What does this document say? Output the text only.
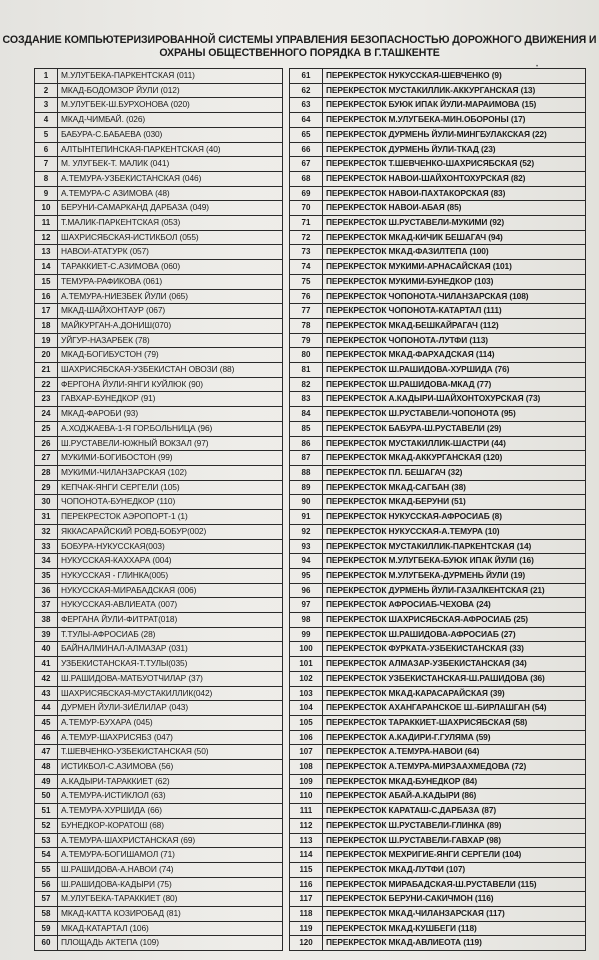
СОЗДАНИЕ КОМПЬЮТЕРИЗИРОВАННОЙ СИСТЕМЫ УПРАВЛЕНИЯ БЕЗОПАСНОСТЬЮ ДОРОЖНОГО ДВИЖЕНИЯ И
ОХРАНЫ ОБЩЕСТВЕННОГО ПОРЯДКА В Г.ТАШКЕНТЕ
•
1	М.УЛУГБЕКА-ПАРКЕНТСКАЯ (011)
2	МКАД-БОДОМЗОР ЙУЛИ (012)
3	М.УЛУГБЕК-Ш.БУРХОНОВА (020)
4	МКАД-ЧИМБАЙ. (026)
5	БАБУРА-С.БАБАЕВА (030)
6	АЛТЫНТЕПИНСКАЯ-ПАРКЕНТСКАЯ (40)
7	М. УЛУГБЕК-Т. МАЛИК (041)
8	А.ТЕМУРА-УЗБЕКИСТАНСКАЯ (046)
9	А.ТЕМУРА-С АЗИМОВА (48)
10	БЕРУНИ-САМАРКАНД ДАРБАЗА (049)
11	Т.МАЛИК-ПАРКЕНТСКАЯ (053)
12	ШАХРИСЯБСКАЯ-ИСТИКБОЛ (055)
13	НАВОИ-АТАТУРК (057)
14	ТАРАККИЕТ-С.АЗИМОВА (060)
15	ТЕМУРА-РАФИКОВА (061)
16	А.ТЕМУРА-НИЕЗБЕК ЙУЛИ (065)
17	МКАД-ШАЙХОНТАУР (067)
18	МАЙКУРГАН-А.ДОНИШ(070)
19	УЙГУР-НАЗАРБЕК (78)
20	МКАД-БОГИБУСТОН (79)
21	ШАХРИСЯБСКАЯ-УЗБЕКИСТАН ОВОЗИ (88)
22	ФЕРГОНА ЙУЛИ-ЯНГИ КУЙЛЮК (90)
23	ГАВХАР-БУНЕДКОР (91)
24	МКАД-ФАРОБИ (93)
25	А.ХОДЖАЕВА-1-Я ГОР.БОЛЬНИЦА (96)
26	Ш.РУСТАВЕЛИ-ЮЖНЫЙ ВОКЗАЛ (97)
27	МУКИМИ-БОГИБОСТОН (99)
28	МУКИМИ-ЧИЛАНЗАРСКАЯ (102)
29	КЕПЧАК-ЯНГИ СЕРГЕЛИ (105)
30	ЧОПОНОТА-БУНЕДКОР (110)
31	ПЕРЕКРЕСТОК АЭРОПОРТ-1 (1)
32	ЯККАСАРАЙСКИЙ РОВД-БОБУР(002)
33	БОБУРА-НУКУССКАЯ(003)
34	НУКУССКАЯ-КАХХАРА (004)
35	НУКУССКАЯ - ГЛИНКА(005)
36	НУКУССКАЯ-МИРАБАДСКАЯ (006)
37	НУКУССКАЯ-АВЛИЕАТА (007)
38	ФЕРГАНА ЙУЛИ-ФИТРАТ(018)
39	Т.ТУЛЫ-АФРОСИАБ (28)
40	БАЙНАЛМИНАЛ-АЛМАЗАР (031)
41	УЗБЕКИСТАНСКАЯ-Т.ТУЛЫ(035)
42	Ш.РАШИДОВА-МАТБУОТЧИЛАР (37)
43	ШАХРИСЯБСКАЯ-МУСТАКИЛЛИК(042)
44	ДУРМЕН ЙУЛИ-ЗИЁЛИЛАР (043)
45	А.ТЕМУР-БУХАРА (045)
46	А.ТЕМУР-ШАХРИСЯБЗ (047)
47	Т.ШЕВЧЕНКО-УЗБЕКИСТАНСКАЯ (50)
48	ИСТИКБОЛ-С.АЗИМОВА (56)
49	А.КАДЫРИ-ТАРАККИЕТ (62)
50	А.ТЕМУРА-ИСТИКЛОЛ (63)
51	А.ТЕМУРА-ХУРШИДА (66)
52	БУНЕДКОР-КОРАТОШ (68)
53	А.ТЕМУРА-ШАХРИСТАНСКАЯ (69)
54	А.ТЕМУРА-БОГИШАМОЛ (71)
55	Ш.РАШИДОВА-А.НАВОИ (74)
56	Ш.РАШИДОВА-КАДЫРИ (75)
57	М.УЛУГБЕКА-ТАРАККИЕТ (80)
58	МКАД-КАТТА КОЗИРОБАД (81)
59	МКАД-КАТАРТАЛ (106)
60	ПЛОЩАДЬ АКТЕПА (109)
61	ПЕРЕКРЕСТОК НУКУССКАЯ-ШЕВЧЕНКО (9)
62	ПЕРЕКРЕСТОК МУСТАКИЛЛИК-АККУРГАНСКАЯ (13)
63	ПЕРЕКРЕСТОК БУЮК ИПАК ЙУЛИ-МАРАИМОВА (15)
64	ПЕРЕКРЕСТОК М.УЛУГБЕКА-МИН.ОБОРОНЫ (17)
65	ПЕРЕКРЕСТОК ДУРМЕНЬ ЙУЛИ-МИНГБУЛАКСКАЯ (22)
66	ПЕРЕКРЕСТОК ДУРМЕНЬ ЙУЛИ-ТКАД (23)
67	ПЕРЕКРЕСТОК Т.ШЕВЧЕНКО-ШАХРИСЯБСКАЯ (52)
68	ПЕРЕКРЕСТОК НАВОИ-ШАЙХОНТОХУРСКАЯ (82)
69	ПЕРЕКРЕСТОК НАВОИ-ПАХТАКОРСКАЯ (83)
70	ПЕРЕКРЕСТОК НАВОИ-АБАЯ (85)
71	ПЕРЕКРЕСТОК Ш.РУСТАВЕЛИ-МУКИМИ (92)
72	ПЕРЕКРЕСТОК МКАД-КИЧИК БЕШАГАЧ (94)
73	ПЕРЕКРЕСТОК МКАД-ФАЗИЛТЕПА (100)
74	ПЕРЕКРЕСТОК МУКИМИ-АРНАСАЙСКАЯ (101)
75	ПЕРЕКРЕСТОК МУКИМИ-БУНЕДКОР (103)
76	ПЕРЕКРЕСТОК ЧОПОНОТА-ЧИЛАНЗАРСКАЯ (108)
77	ПЕРЕКРЕСТОК ЧОПОНОТА-КАТАРТАЛ (111)
78	ПЕРЕКРЕСТОК МКАД-БЕШКАЙРАГАЧ (112)
79	ПЕРЕКРЕСТОК ЧОПОНОТА-ЛУТФИ (113)
80	ПЕРЕКРЕСТОК МКАД-ФАРХАДСКАЯ (114)
81	ПЕРЕКРЕСТОК Ш.РАШИДОВА-ХУРШИДА (76)
82	ПЕРЕКРЕСТОК Ш.РАШИДОВА-МКАД (77)
83	ПЕРЕКРЕСТОК А.КАДЫРИ-ШАЙХОНТОХУРСКАЯ (73)
84	ПЕРЕКРЕСТОК Ш.РУСТАВЕЛИ-ЧОПОНОТА (95)
85	ПЕРЕКРЕСТОК БАБУРА-Ш.РУСТАВЕЛИ (29)
86	ПЕРЕКРЕСТОК МУСТАКИЛЛИК-ШАСТРИ (44)
87	ПЕРЕКРЕСТОК МКАД-АККУРГАНСКАЯ (120)
88	ПЕРЕКРЕСТОК ПЛ. БЕШАГАЧ (32)
89	ПЕРЕКРЕСТОК МКАД-САГБАН (38)
90	ПЕРЕКРЕСТОК МКАД-БЕРУНИ (51)
91	ПЕРЕКРЕСТОК НУКУССКАЯ-АФРОСИАБ (8)
92	ПЕРЕКРЕСТОК НУКУССКАЯ-А.ТЕМУРА (10)
93	ПЕРЕКРЕСТОК МУСТАКИЛЛИК-ПАРКЕНТСКАЯ (14)
94	ПЕРЕКРЕСТОК М.УЛУГБЕКА-БУЮК ИПАК ЙУЛИ (16)
95	ПЕРЕКРЕСТОК М.УЛУГБЕКА-ДУРМЕНЬ ЙУЛИ (19)
96	ПЕРЕКРЕСТОК ДУРМЕНЬ ЙУЛИ-ГАЗАЛКЕНТСКАЯ (21)
97	ПЕРЕКРЕСТОК АФРОСИАБ-ЧЕХОВА (24)
98	ПЕРЕКРЕСТОК ШАХРИСЯБСКАЯ-АФРОСИАБ (25)
99	ПЕРЕКРЕСТОК Ш.РАШИДОВА-АФРОСИАБ (27)
100	ПЕРЕКРЕСТОК ФУРКАТА-УЗБЕКИСТАНСКАЯ (33)
101	ПЕРЕКРЕСТОК АЛМАЗАР-УЗБЕКИСТАНСКАЯ (34)
102	ПЕРЕКРЕСТОК УЗБЕКИСТАНСКАЯ-Ш.РАШИДОВА (36)
103	ПЕРЕКРЕСТОК МКАД-КАРАСАРАЙСКАЯ (39)
104	ПЕРЕКРЕСТОК АХАНГАРАНСКОЕ Ш.-БИРЛАШГАН (54)
105	ПЕРЕКРЕСТОК ТАРАККИЕТ-ШАХРИСЯБСКАЯ (58)
106	ПЕРЕКРЕСТОК А.КАДИРИ-Г.ГУЛЯМА (59)
107	ПЕРЕКРЕСТОК А.ТЕМУРА-НАВОИ (64)
108	ПЕРЕКРЕСТОК А.ТЕМУРА-МИРЗААХМЕДОВА (72)
109	ПЕРЕКРЕСТОК МКАД-БУНЕДКОР (84)
110	ПЕРЕКРЕСТОК АБАЙ-А.КАДЫРИ (86)
111	ПЕРЕКРЕСТОК КАРАТАШ-С.ДАРБАЗА (87)
112	ПЕРЕКРЕСТОК Ш.РУСТАВЕЛИ-ГЛИНКА (89)
113	ПЕРЕКРЕСТОК Ш.РУСТАВЕЛИ-ГАВХАР (98)
114	ПЕРЕКРЕСТОК МЕХРИГИЕ-ЯНГИ СЕРГЕЛИ (104)
115	ПЕРЕКРЕСТОК МКАД-ЛУТФИ (107)
116	ПЕРЕКРЕСТОК МИРАБАДСКАЯ-Ш.РУСТАВЕЛИ (115)
117	ПЕРЕКРЕСТОК БЕРУНИ-САКИЧМОН (116)
118	ПЕРЕКРЕСТОК МКАД-ЧИЛАНЗАРСКАЯ (117)
119	ПЕРЕКРЕСТОК МКАД-КУШБЕГИ (118)
120	ПЕРЕКРЕСТОК МКАД-АВЛИЕОТА (119)
